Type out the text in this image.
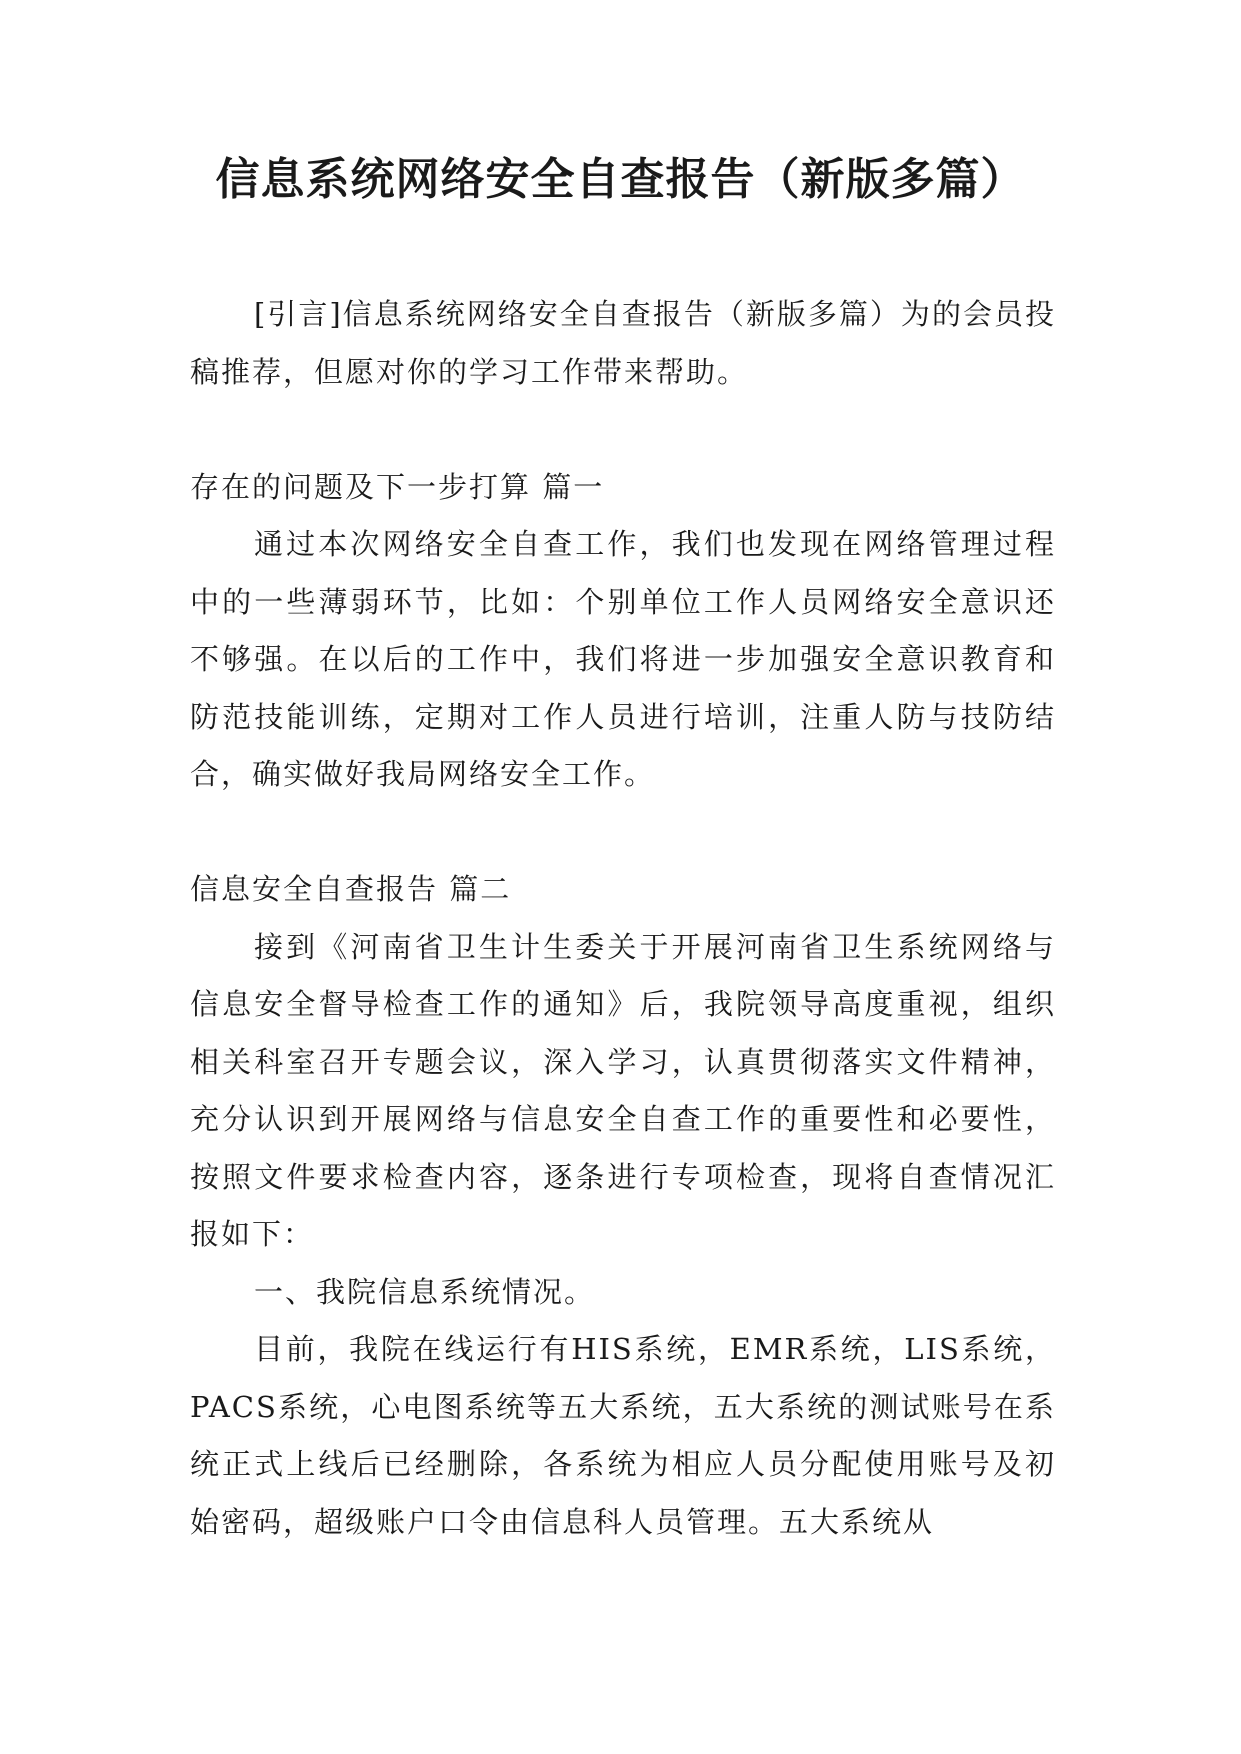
信息系统网络安全自查报告（新版多篇）

[引言]信息系统网络安全自查报告（新版多篇）为的会员投稿推荐，但愿对你的学习工作带来帮助。

存在的问题及下一步打算 篇一

通过本次网络安全自查工作，我们也发现在网络管理过程中的一些薄弱环节，比如：个别单位工作人员网络安全意识还不够强。在以后的工作中，我们将进一步加强安全意识教育和防范技能训练，定期对工作人员进行培训，注重人防与技防结合，确实做好我局网络安全工作。

信息安全自查报告 篇二

接到《河南省卫生计生委关于开展河南省卫生系统网络与信息安全督导检查工作的通知》后，我院领导高度重视，组织相关科室召开专题会议，深入学习，认真贯彻落实文件精神，充分认识到开展网络与信息安全自查工作的重要性和必要性，按照文件要求检查内容，逐条进行专项检查，现将自查情况汇报如下：

一、我院信息系统情况。

目前，我院在线运行有HIS系统，EMR系统，LIS系统，PACS系统，心电图系统等五大系统，五大系统的测试账号在系统正式上线后已经删除，各系统为相应人员分配使用账号及初始密码，超级账户口令由信息科人员管理。五大系统从
